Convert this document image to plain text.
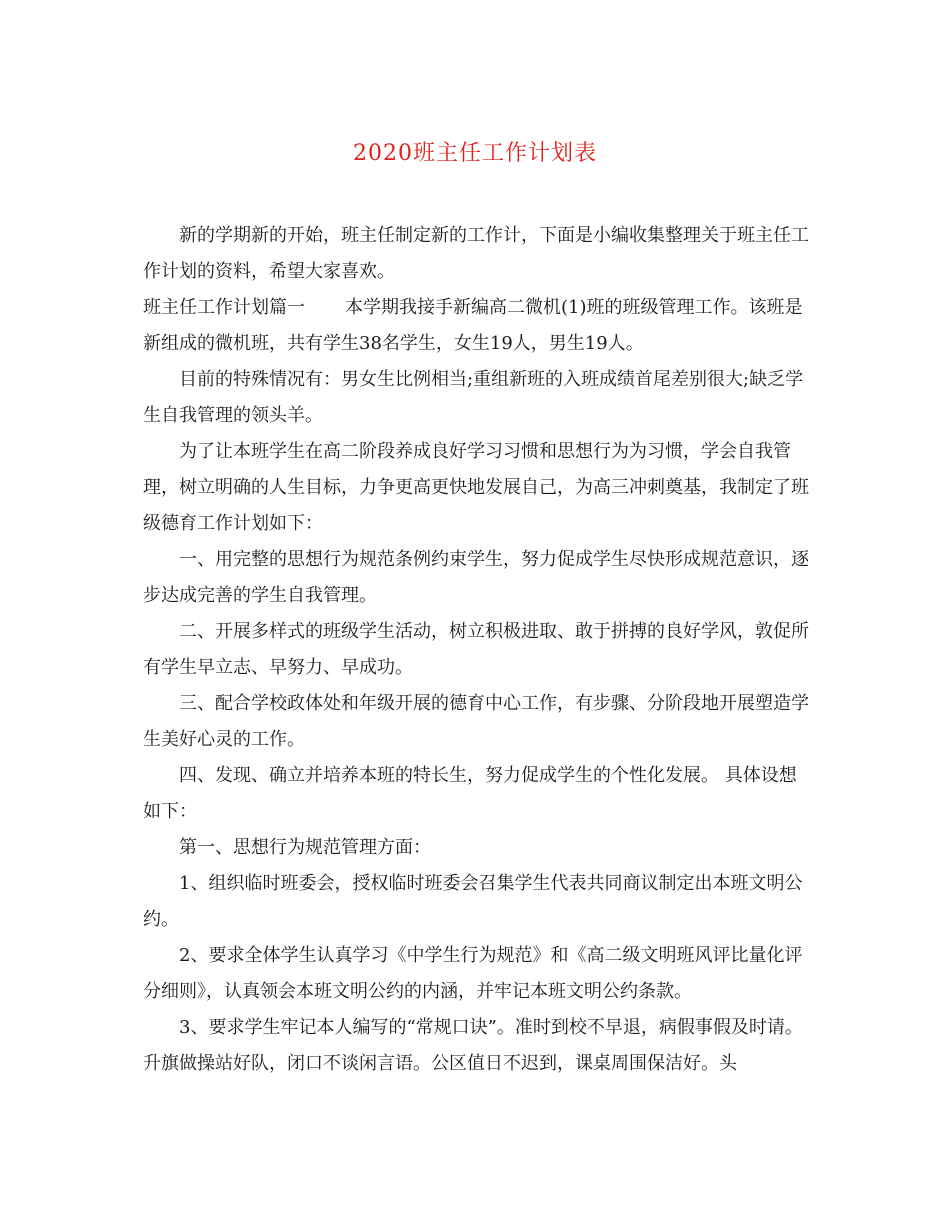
2020班主任工作计划表

新的学期新的开始，班主任制定新的工作计，下面是小编收集整理关于班主任工作计划的资料，希望大家喜欢。

班主任工作计划篇一 本学期我接手新编高二微机(1)班的班级管理工作。该班是新组成的微机班，共有学生38名学生，女生19人，男生19人。

目前的特殊情况有：男女生比例相当;重组新班的入班成绩首尾差别很大;缺乏学生自我管理的领头羊。

为了让本班学生在高二阶段养成良好学习习惯和思想行为为习惯，学会自我管理，树立明确的人生目标，力争更高更快地发展自己，为高三冲刺奠基，我制定了班级德育工作计划如下：

一、用完整的思想行为规范条例约束学生，努力促成学生尽快形成规范意识，逐步达成完善的学生自我管理。

二、开展多样式的班级学生活动，树立积极进取、敢于拼搏的良好学风，敦促所有学生早立志、早努力、早成功。

三、配合学校政体处和年级开展的德育中心工作，有步骤、分阶段地开展塑造学生美好心灵的工作。

四、发现、确立并培养本班的特长生，努力促成学生的个性化发展。 具体设想如下：

第一、思想行为规范管理方面：

1、组织临时班委会，授权临时班委会召集学生代表共同商议制定出本班文明公约。

2、要求全体学生认真学习《中学生行为规范》和《高二级文明班风评比量化评分细则》，认真领会本班文明公约的内涵，并牢记本班文明公约条款。

3、要求学生牢记本人编写的“常规口诀”。准时到校不早退，病假事假及时请。升旗做操站好队，闭口不谈闲言语。公区值日不迟到，课桌周围保洁好。头
